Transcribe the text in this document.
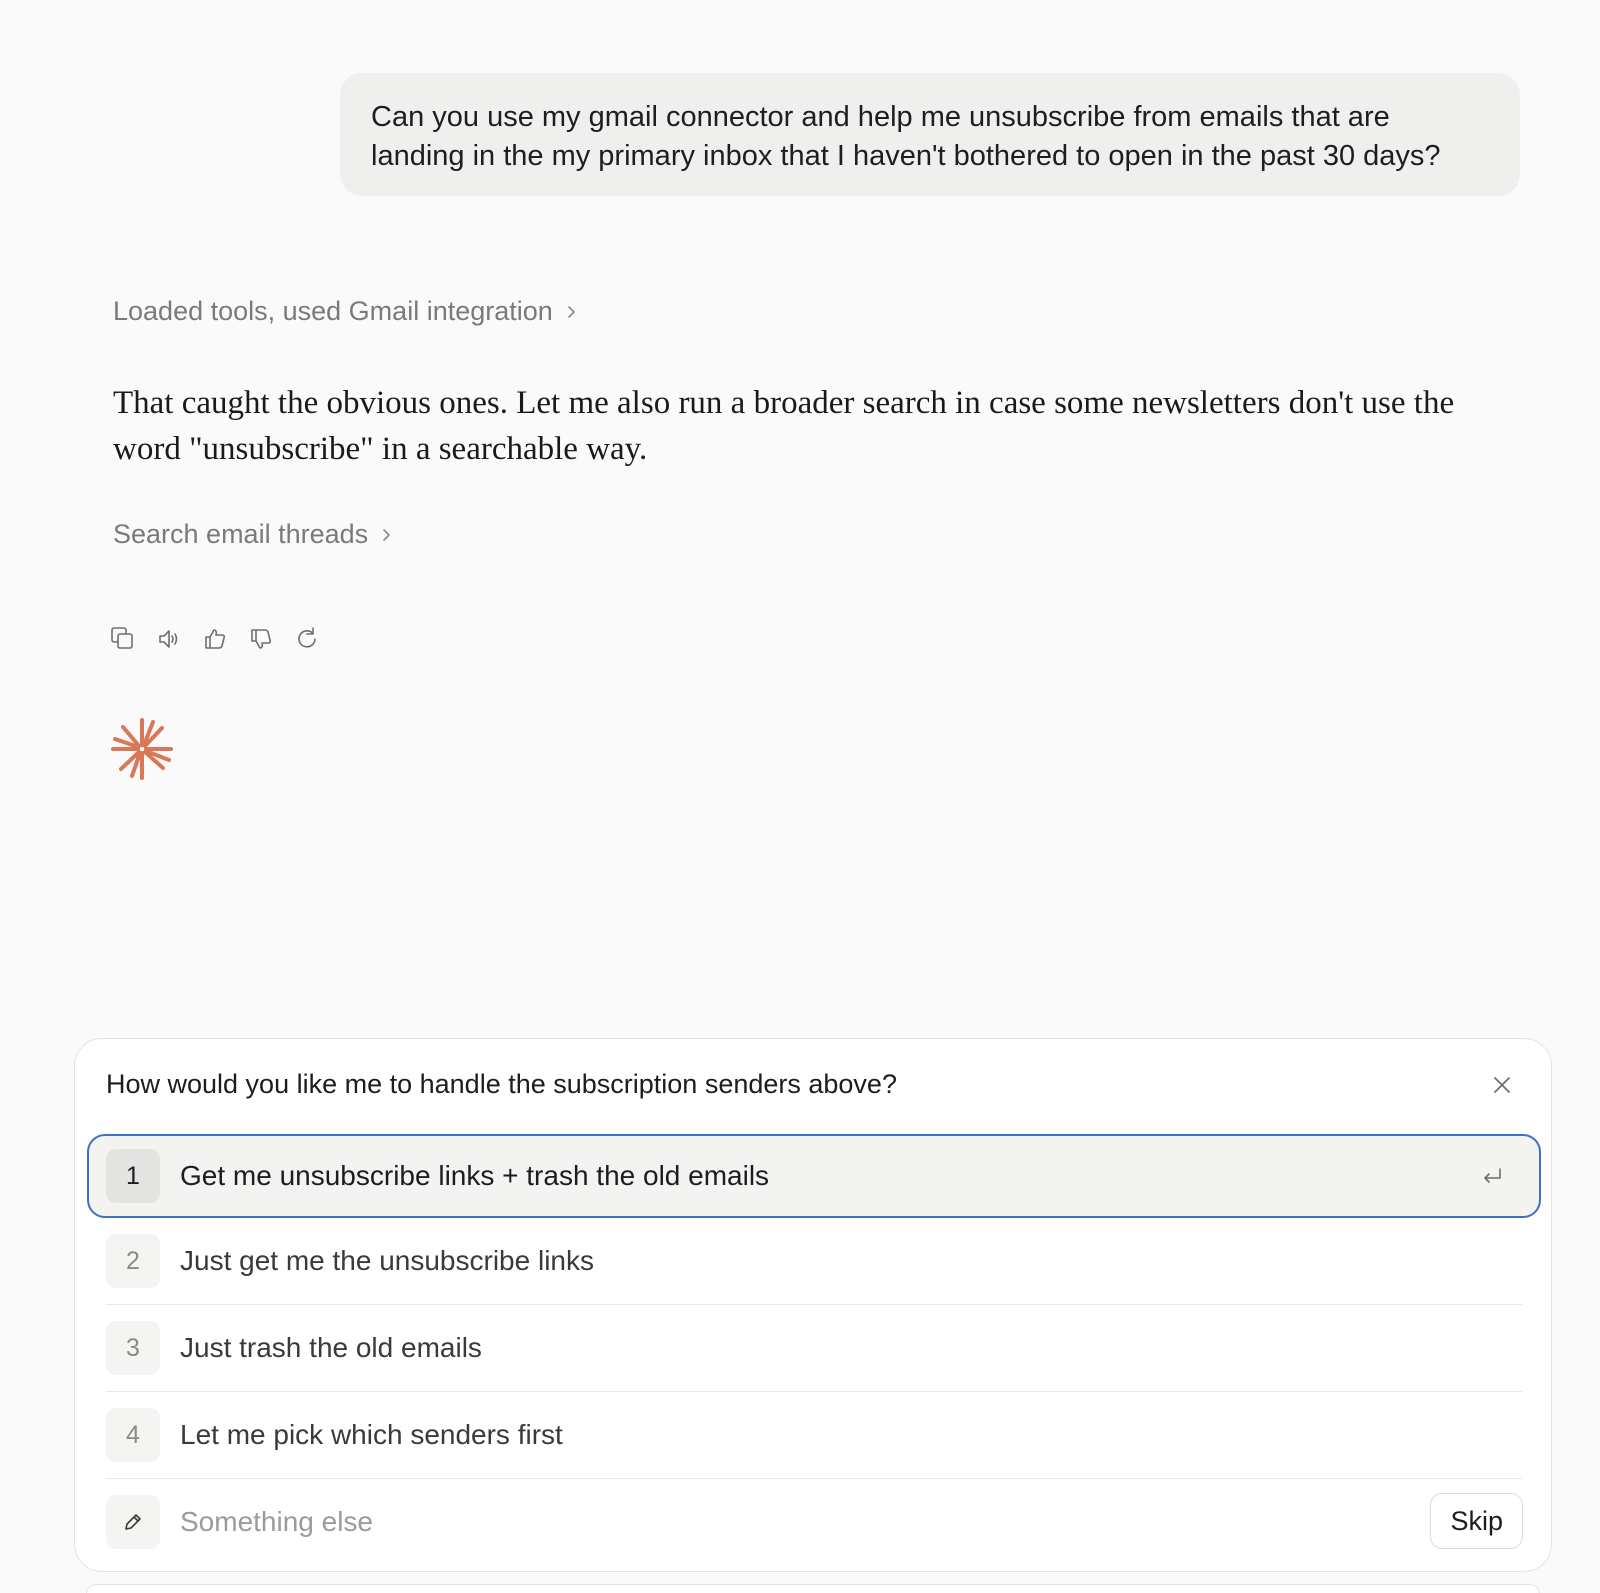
Can you use my gmail connector and help me unsubscribe from emails that are landing in the my primary inbox that I haven't bothered to open in the past 30 days?
Loaded tools, used Gmail integration
That caught the obvious ones. Let me also run a broader search in case some newsletters don't use the word "unsubscribe" in a searchable way.
Search email threads
How would you like me to handle the subscription senders above?
1	Get me unsubscribe links + trash the old emails
2	Just get me the unsubscribe links
3	Just trash the old emails
4	Let me pick which senders first
Something else	Skip
